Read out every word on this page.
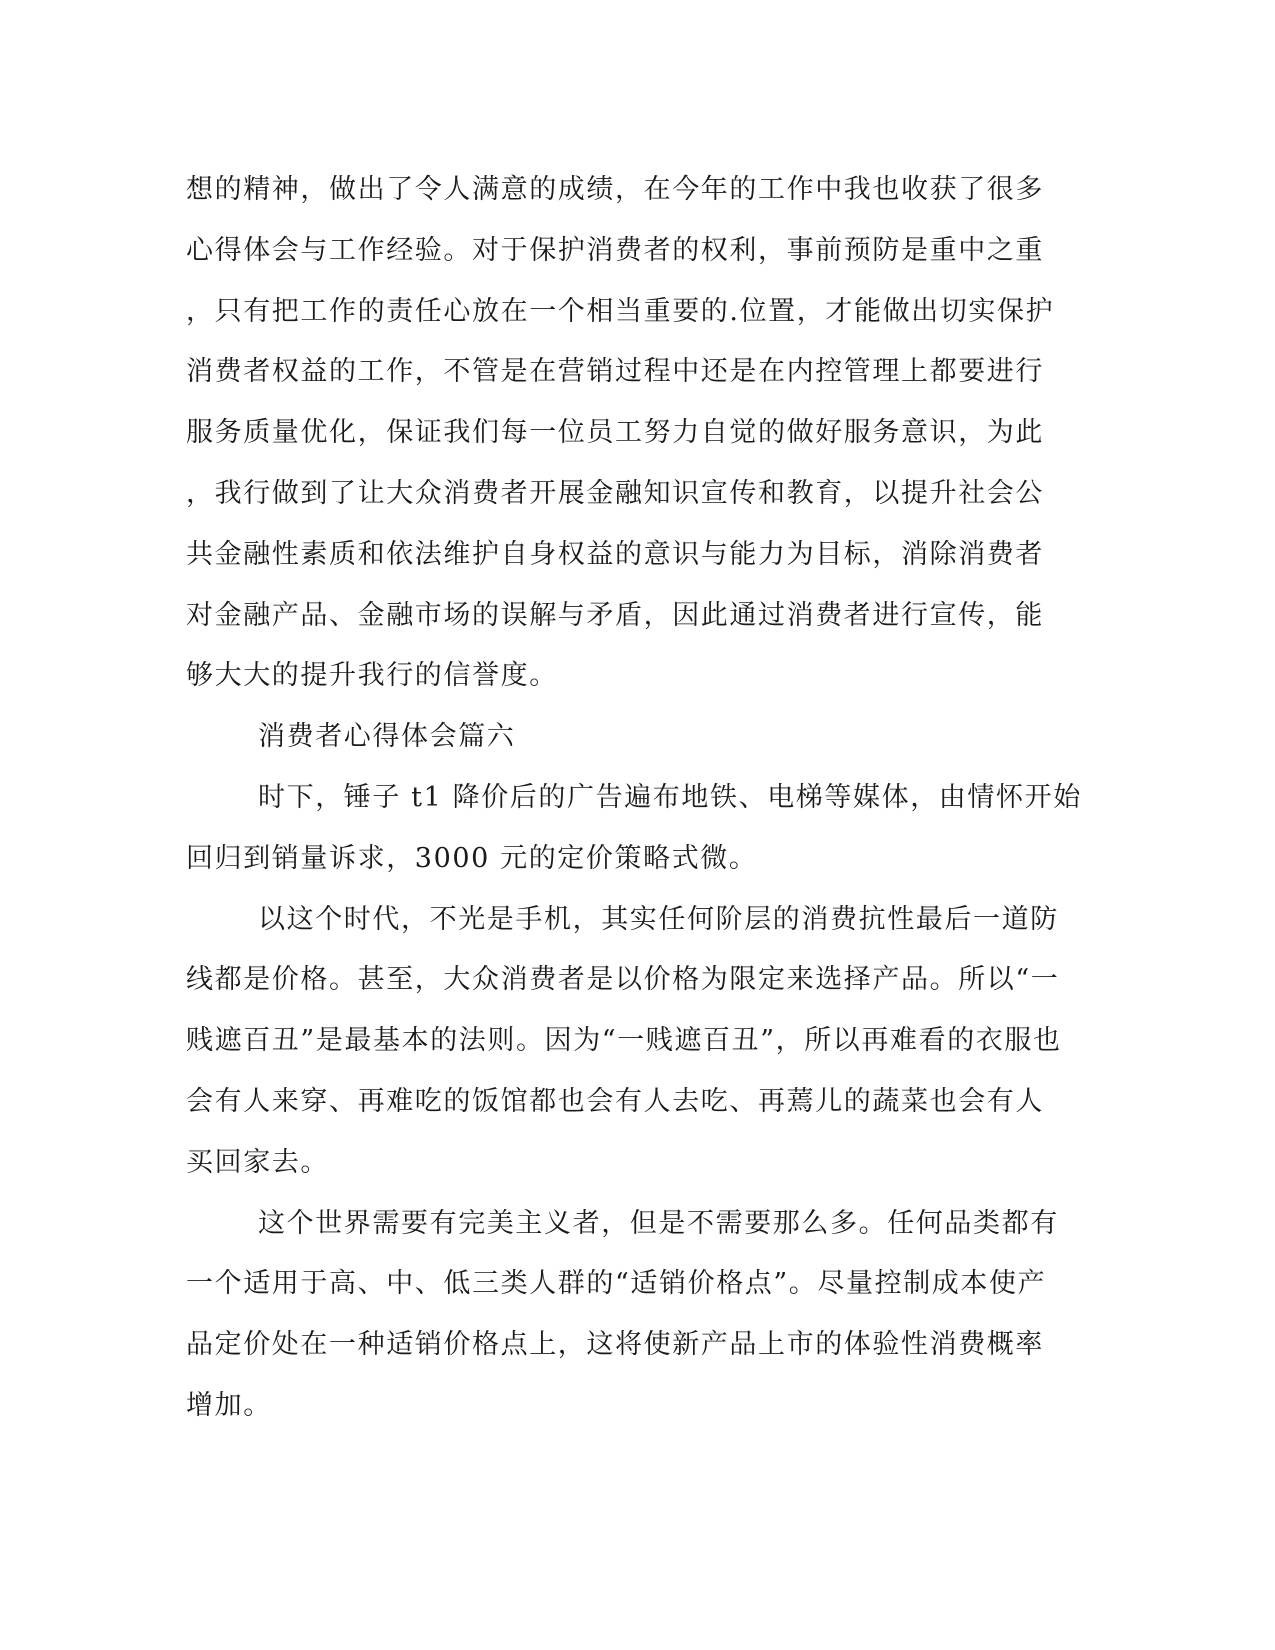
想的精神，做出了令人满意的成绩，在今年的工作中我也收获了很多
心得体会与工作经验。对于保护消费者的权利，事前预防是重中之重
，只有把工作的责任心放在一个相当重要的.位置，才能做出切实保护
消费者权益的工作，不管是在营销过程中还是在内控管理上都要进行
服务质量优化，保证我们每一位员工努力自觉的做好服务意识，为此
，我行做到了让大众消费者开展金融知识宣传和教育，以提升社会公
共金融性素质和依法维护自身权益的意识与能力为目标，消除消费者
对金融产品、金融市场的误解与矛盾，因此通过消费者进行宣传，能
够大大的提升我行的信誉度。
消费者心得体会篇六
时下，锤子 t1 降价后的广告遍布地铁、电梯等媒体，由情怀开始
回归到销量诉求，3000 元的定价策略式微。
以这个时代，不光是手机，其实任何阶层的消费抗性最后一道防
线都是价格。甚至，大众消费者是以价格为限定来选择产品。所以“一
贱遮百丑”是最基本的法则。因为“一贱遮百丑”，所以再难看的衣服也
会有人来穿、再难吃的饭馆都也会有人去吃、再蔫儿的蔬菜也会有人
买回家去。
这个世界需要有完美主义者，但是不需要那么多。任何品类都有
一个适用于高、中、低三类人群的“适销价格点”。尽量控制成本使产
品定价处在一种适销价格点上，这将使新产品上市的体验性消费概率
增加。
